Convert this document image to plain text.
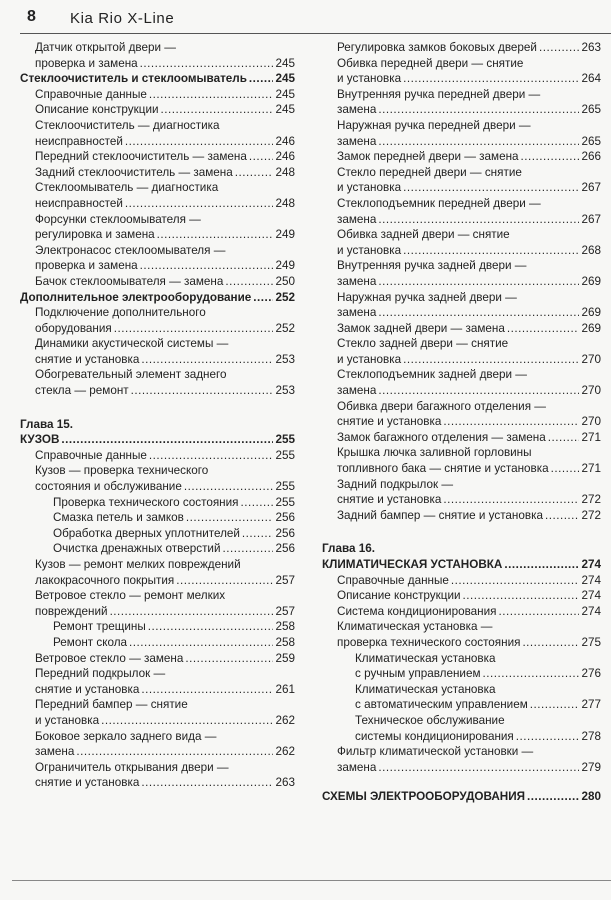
8 Kia Rio X-Line
Датчик открытой двери —
проверка и замена .....	245
Стеклоочиститель и стеклоомыватель ..... 245
Справочные данные .....	245
Описание конструкции .....	245
Стеклоочиститель — диагностика
неисправностей .....	246
Передний стеклоочиститель — замена ..... 246
Задний стеклоочиститель — замена .....	248
Стеклоомыватель — диагностика
неисправностей .....	248
Форсунки стеклоомывателя —
регулировка и замена .....	249
Электронасос стеклоомывателя —
проверка и замена .....	249
Бачок стеклоомывателя — замена .....	250
Дополнительное электрооборудование ..... 252
Подключение дополнительного
оборудования .....	252
Динамики акустической системы —
снятие и установка .....	253
Обогревательный элемент заднего
стекла — ремонт .....	253
Глава 15.
КУЗОВ .....	255
Справочные данные .....	255
Кузов — проверка технического
состояния и обслуживание .....	255
Проверка технического состояния .....	255
Смазка петель и замков .....	256
Обработка дверных уплотнителей .....	256
Очистка дренажных отверстий .....	256
Кузов — ремонт мелких повреждений
лакокрасочного покрытия .....	257
Ветровое стекло — ремонт мелких
повреждений .....	257
Ремонт трещины .....	258
Ремонт скола .....	258
Ветровое стекло — замена .....	259
Передний подкрылок —
снятие и установка .....	261
Передний бампер — снятие
и установка .....	262
Боковое зеркало заднего вида —
замена .....	262
Ограничитель открывания двери —
снятие и установка .....	263
Регулировка замков боковых дверей .....	263
Обивка передней двери — снятие
и установка .....	264
Внутренняя ручка передней двери —
замена .....	265
Наружная ручка передней двери —
замена .....	265
Замок передней двери — замена .....	266
Стекло передней двери — снятие
и установка .....	267
Стеклоподъемник передней двери —
замена .....	267
Обивка задней двери — снятие
и установка .....	268
Внутренняя ручка задней двери —
замена .....	269
Наружная ручка задней двери —
замена .....	269
Замок задней двери — замена .....	269
Стекло задней двери — снятие
и установка .....	270
Стеклоподъемник задней двери —
замена .....	270
Обивка двери багажного отделения —
снятие и установка .....	270
Замок багажного отделения — замена .....	271
Крышка лючка заливной горловины
топливного бака — снятие и установка .....	271
Задний подкрылок —
снятие и установка .....	272
Задний бампер — снятие и установка .....	272
Глава 16.
КЛИМАТИЧЕСКАЯ УСТАНОВКА .....	274
Справочные данные .....	274
Описание конструкции .....	274
Система кондиционирования .....	274
Климатическая установка —
проверка технического состояния .....	275
Климатическая установка
с ручным управлением .....	276
Климатическая установка
с автоматическим управлением .....	277
Техническое обслуживание
системы кондиционирования .....	278
Фильтр климатической установки —
замена .....	279
СХЕМЫ ЭЛЕКТРООБОРУДОВАНИЯ .....	280
